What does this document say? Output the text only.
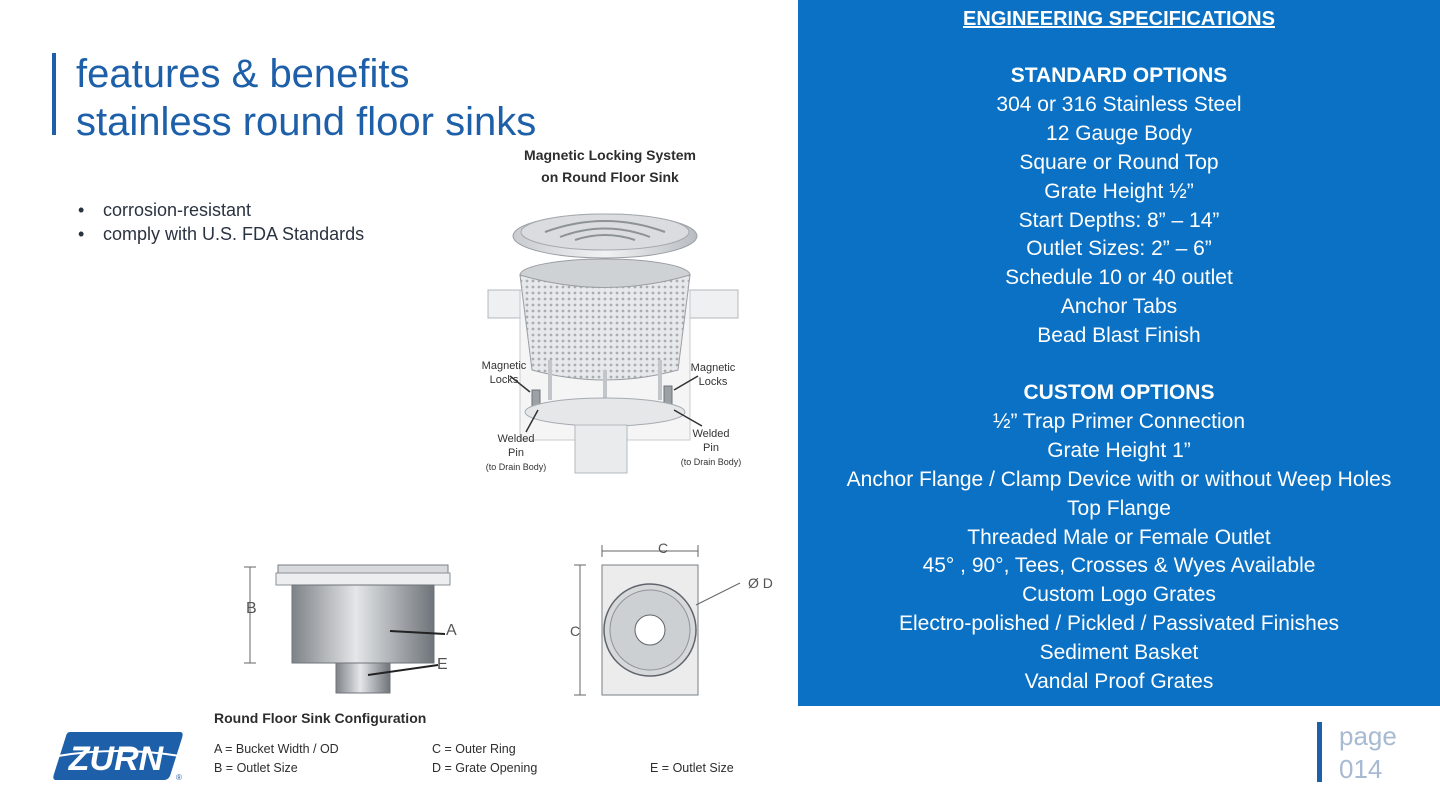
features & benefits
stainless round floor sinks
• corrosion-resistant
• comply with U.S. FDA Standards
Magnetic Locking System
on Round Floor Sink
Magnetic
Locks
Magnetic
Locks
Welded
Pin
(to Drain Body)
Welded
Pin
(to Drain Body)
B
A
E
C
C
Ø D
Round Floor Sink Configuration
A = Bucket Width / OD
B = Outlet Size
C = Outer Ring
D = Grate Opening	E = Outlet Size
ZURN ®
ENGINEERING SPECIFICATIONS
STANDARD OPTIONS
304 or 316 Stainless Steel
12 Gauge Body
Square or Round Top
Grate Height ½”
Start Depths: 8” – 14”
Outlet Sizes: 2” – 6”
Schedule 10 or 40 outlet
Anchor Tabs
Bead Blast Finish
CUSTOM OPTIONS
½” Trap Primer Connection
Grate Height 1”
Anchor Flange / Clamp Device with or without Weep Holes
Top Flange
Threaded Male or Female Outlet
45° , 90°, Tees, Crosses & Wyes Available
Custom Logo Grates
Electro-polished / Pickled / Passivated Finishes
Sediment Basket
Vandal Proof Grates
page
014
